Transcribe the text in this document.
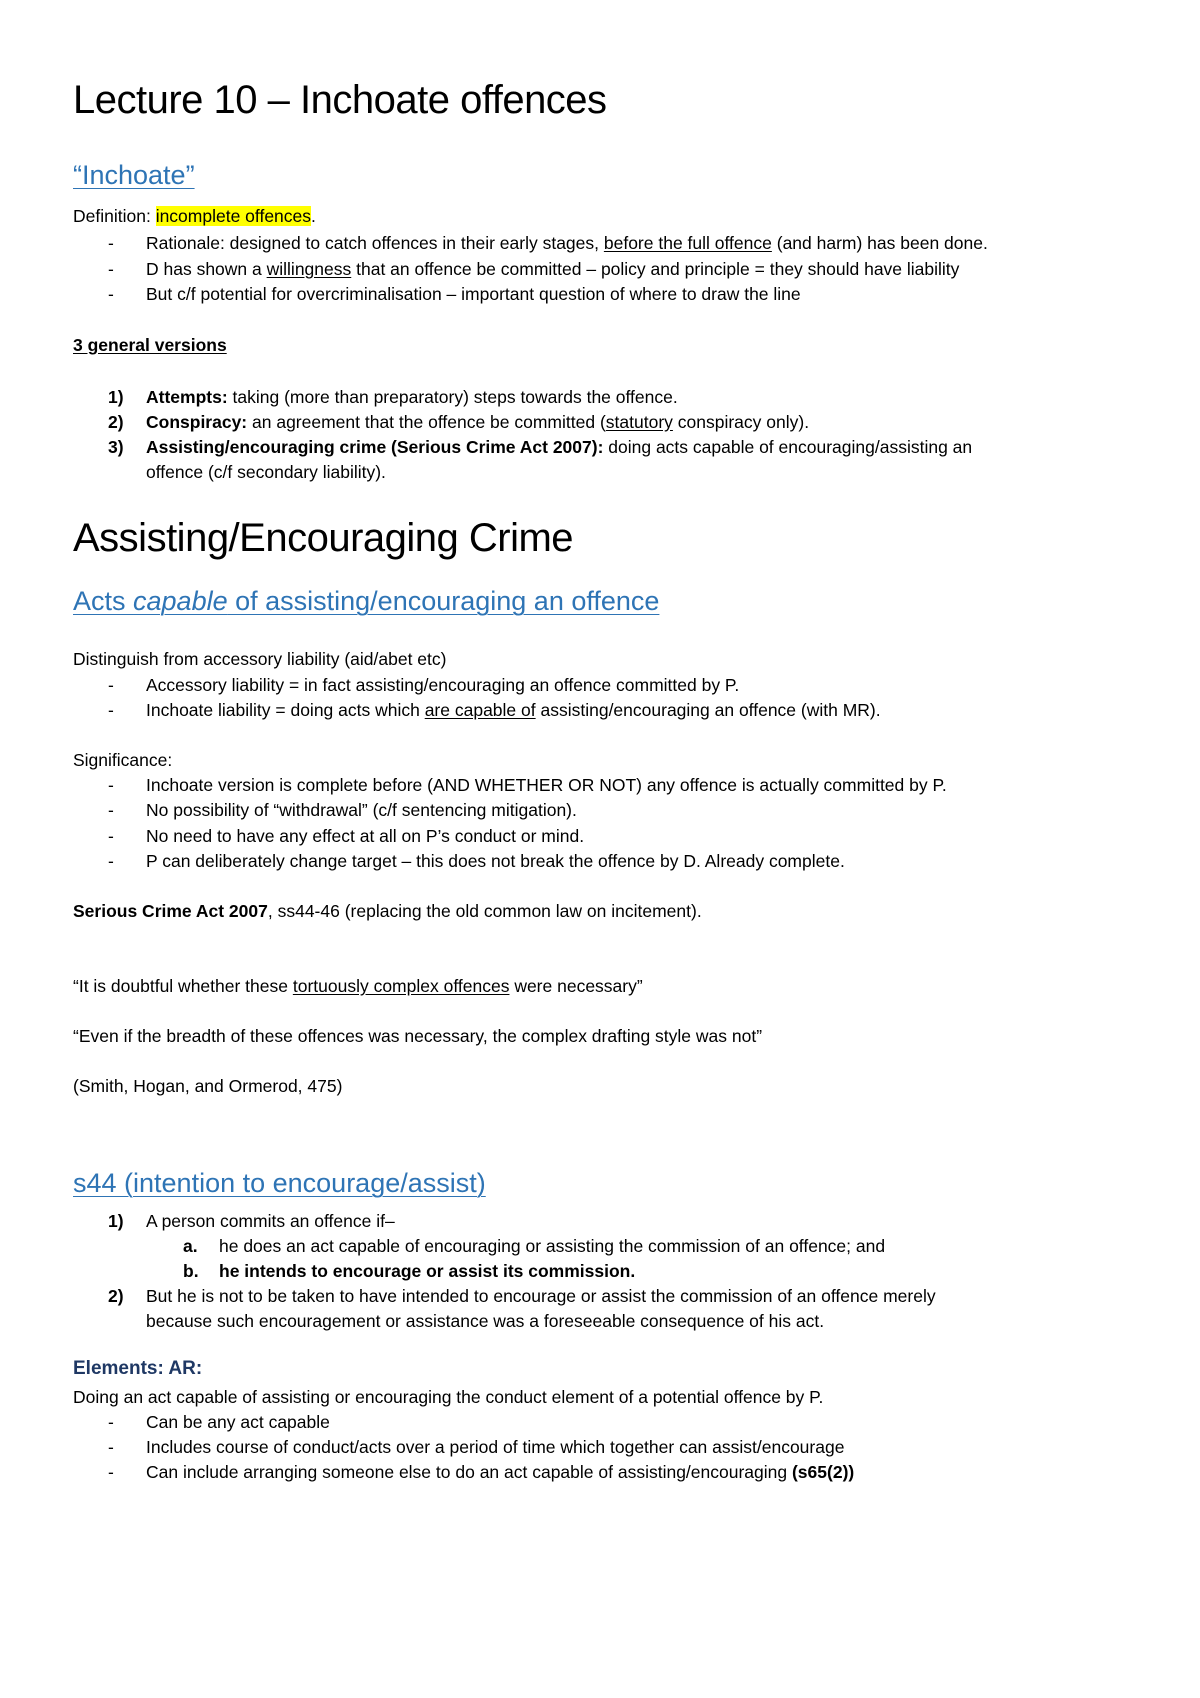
Lecture 10 – Inchoate offences
“Inchoate”
Definition: incomplete offences.
- Rationale: designed to catch offences in their early stages, before the full offence (and harm) has been done.
- D has shown a willingness that an offence be committed – policy and principle = they should have liability
- But c/f potential for overcriminalisation – important question of where to draw the line
3 general versions
1) Attempts: taking (more than preparatory) steps towards the offence.
2) Conspiracy: an agreement that the offence be committed (statutory conspiracy only).
3) Assisting/encouraging crime (Serious Crime Act 2007): doing acts capable of encouraging/assisting an
offence (c/f secondary liability).
Assisting/Encouraging Crime
Acts capable of assisting/encouraging an offence
Distinguish from accessory liability (aid/abet etc)
- Accessory liability = in fact assisting/encouraging an offence committed by P.
- Inchoate liability = doing acts which are capable of assisting/encouraging an offence (with MR).
Significance:
- Inchoate version is complete before (AND WHETHER OR NOT) any offence is actually committed by P.
- No possibility of “withdrawal” (c/f sentencing mitigation).
- No need to have any effect at all on P’s conduct or mind.
- P can deliberately change target – this does not break the offence by D. Already complete.
Serious Crime Act 2007, ss44-46 (replacing the old common law on incitement).
“It is doubtful whether these tortuously complex offences were necessary”
“Even if the breadth of these offences was necessary, the complex drafting style was not”
(Smith, Hogan, and Ormerod, 475)
s44 (intention to encourage/assist)
1) A person commits an offence if–
a. he does an act capable of encouraging or assisting the commission of an offence; and
b. he intends to encourage or assist its commission.
2) But he is not to be taken to have intended to encourage or assist the commission of an offence merely
because such encouragement or assistance was a foreseeable consequence of his act.
Elements: AR:
Doing an act capable of assisting or encouraging the conduct element of a potential offence by P.
- Can be any act capable
- Includes course of conduct/acts over a period of time which together can assist/encourage
- Can include arranging someone else to do an act capable of assisting/encouraging (s65(2))
